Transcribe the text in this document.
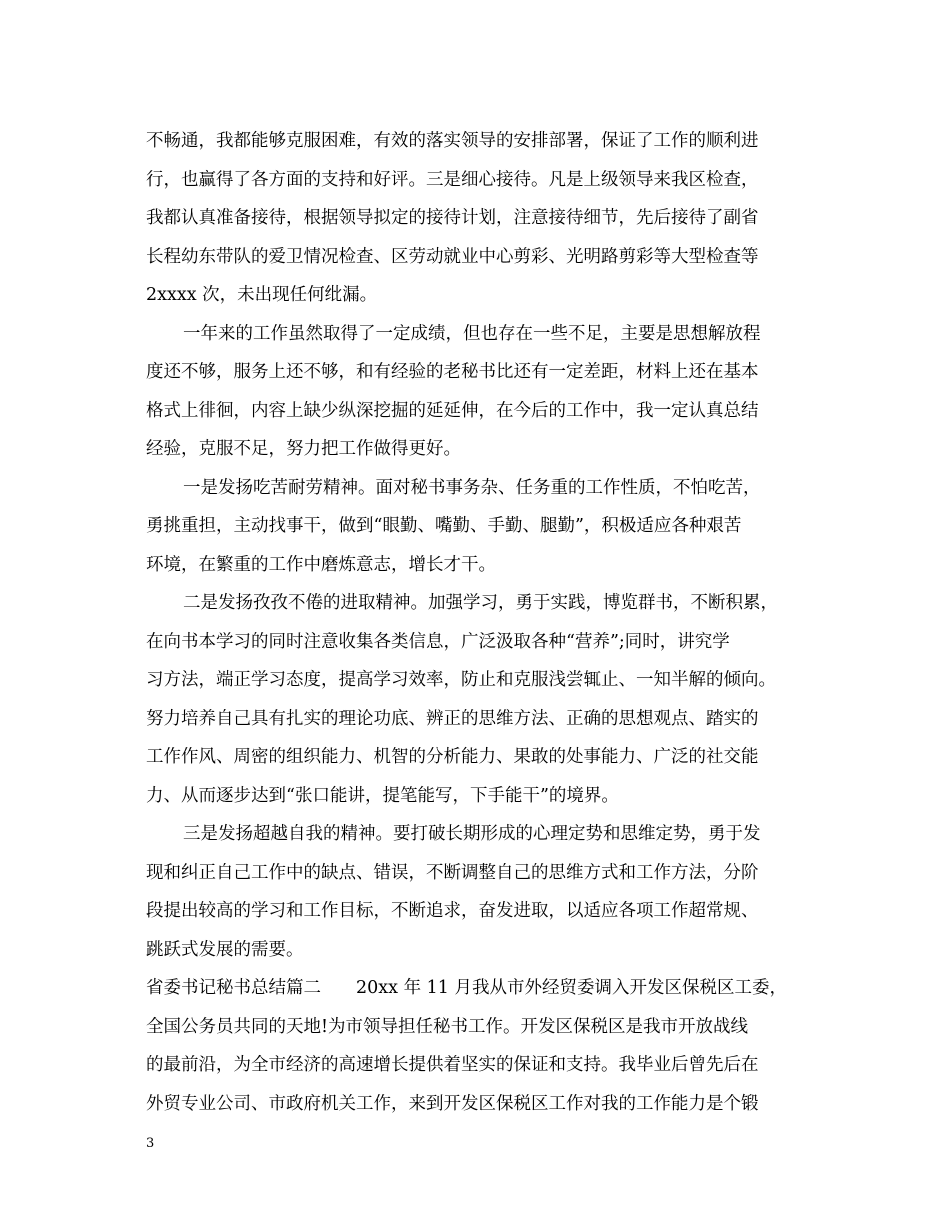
不畅通，我都能够克服困难，有效的落实领导的安排部署，保证了工作的顺利进
行，也赢得了各方面的支持和好评。三是细心接待。凡是上级领导来我区检查，
我都认真准备接待，根据领导拟定的接待计划，注意接待细节，先后接待了副省
长程幼东带队的爱卫情况检查、区劳动就业中心剪彩、光明路剪彩等大型检查等
2xxxx 次，未出现任何纰漏。
一年来的工作虽然取得了一定成绩，但也存在一些不足，主要是思想解放程
度还不够，服务上还不够，和有经验的老秘书比还有一定差距，材料上还在基本
格式上徘徊，内容上缺少纵深挖掘的延延伸，在今后的工作中，我一定认真总结
经验，克服不足，努力把工作做得更好。
一是发扬吃苦耐劳精神。面对秘书事务杂、任务重的工作性质，不怕吃苦，
勇挑重担，主动找事干，做到“眼勤、嘴勤、手勤、腿勤”，积极适应各种艰苦
环境，在繁重的工作中磨炼意志，增长才干。
二是发扬孜孜不倦的进取精神。加强学习，勇于实践，博览群书，不断积累，
在向书本学习的同时注意收集各类信息，广泛汲取各种“营养”;同时，讲究学
习方法，端正学习态度，提高学习效率，防止和克服浅尝辄止、一知半解的倾向。
努力培养自己具有扎实的理论功底、辨正的思维方法、正确的思想观点、踏实的
工作作风、周密的组织能力、机智的分析能力、果敢的处事能力、广泛的社交能
力、从而逐步达到“张口能讲，提笔能写，下手能干”的境界。
三是发扬超越自我的精神。要打破长期形成的心理定势和思维定势，勇于发
现和纠正自己工作中的缺点、错误，不断调整自己的思维方式和工作方法，分阶
段提出较高的学习和工作目标，不断追求，奋发进取，以适应各项工作超常规、
跳跃式发展的需要。
省委书记秘书总结篇二　　20xx 年 11 月我从市外经贸委调入开发区保税区工委，
全国公务员共同的天地!为市领导担任秘书工作。开发区保税区是我市开放战线
的最前沿，为全市经济的高速增长提供着坚实的保证和支持。我毕业后曾先后在
外贸专业公司、市政府机关工作，来到开发区保税区工作对我的工作能力是个锻
3
